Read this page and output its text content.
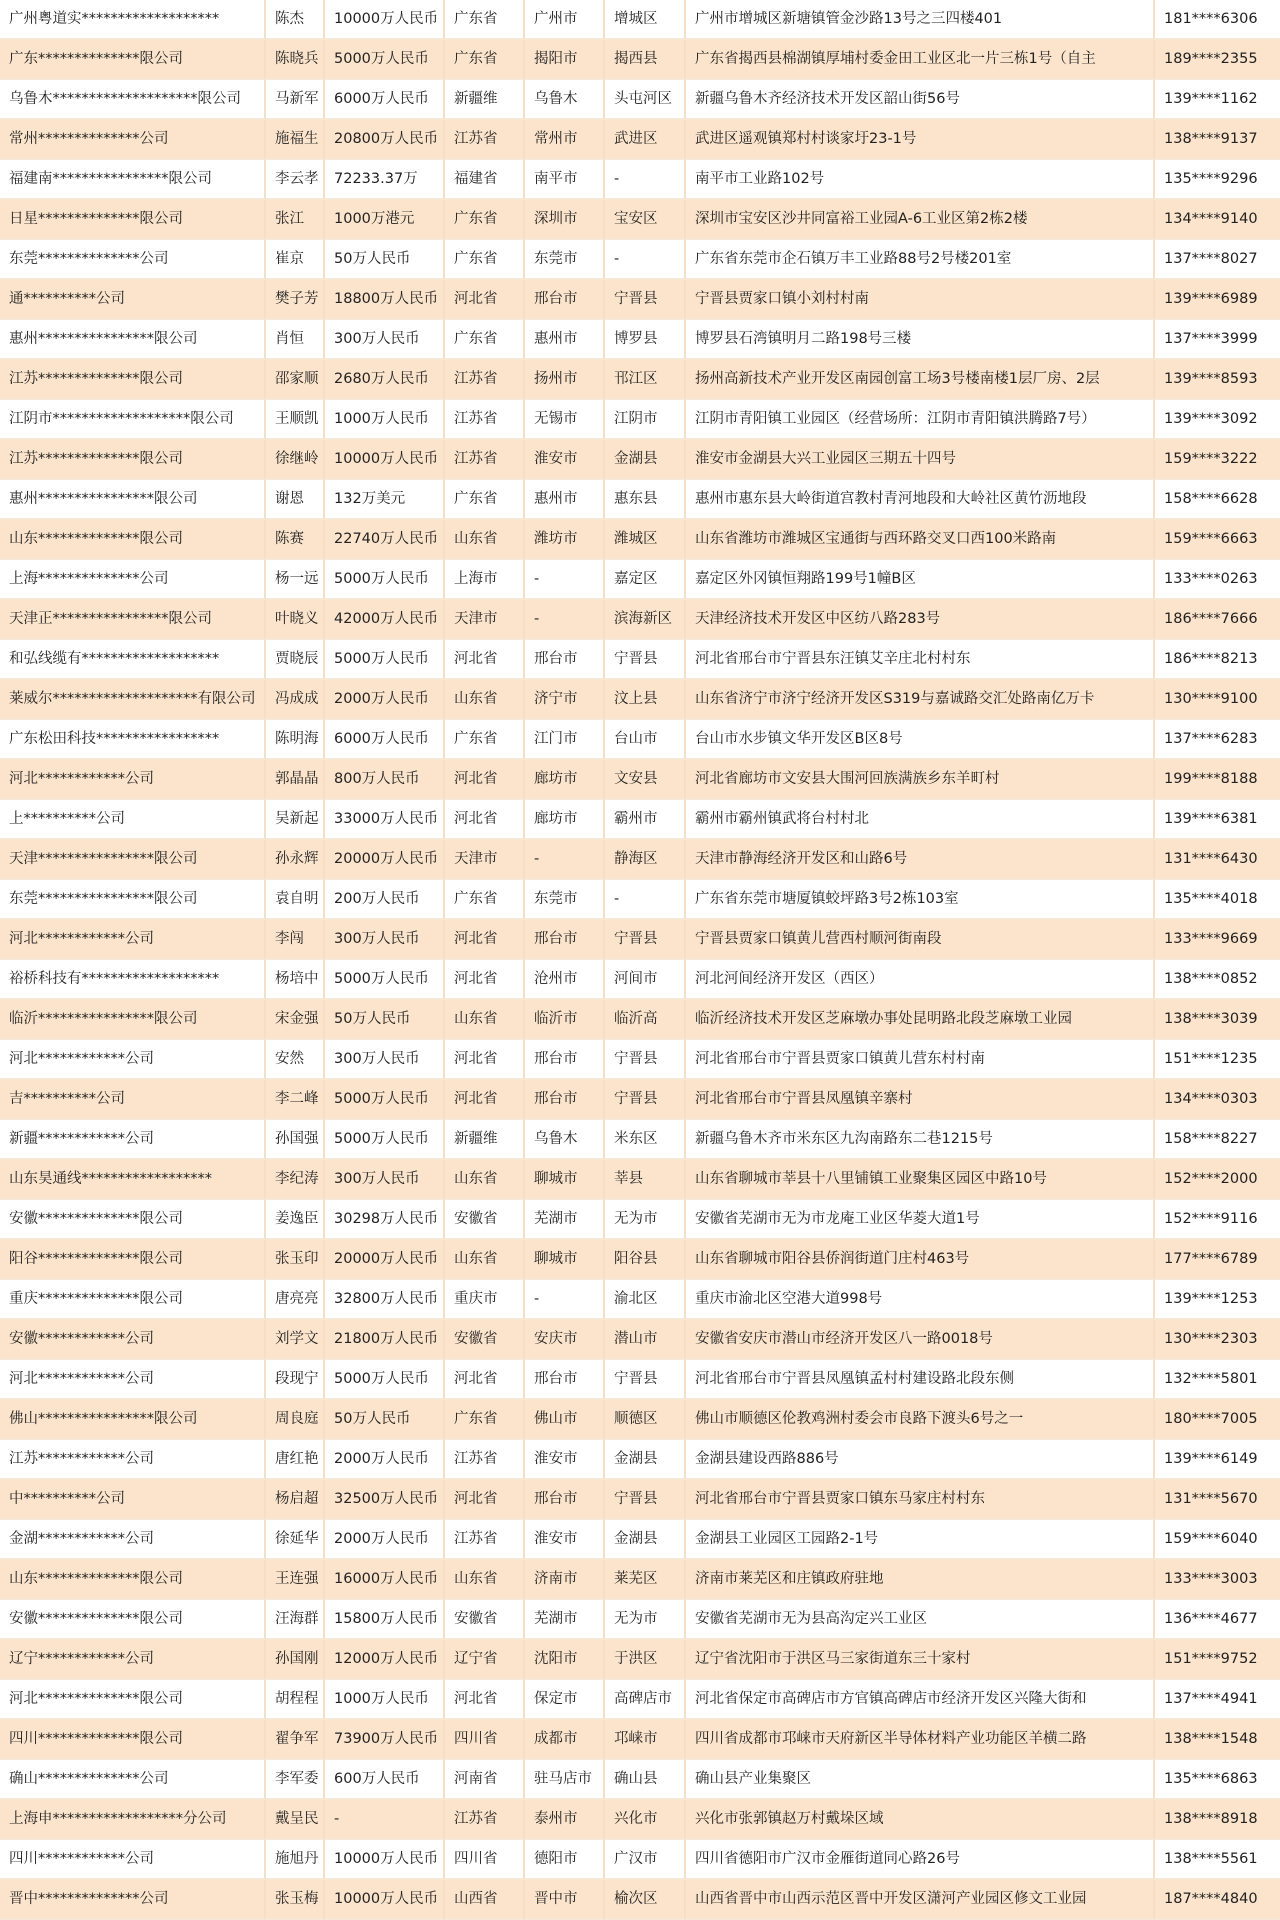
广州粤道实*******************	陈杰	10000万人民币	广东省	广州市	增城区	广州市增城区新塘镇管金沙路13号之三四楼401	181****6306
广东**************限公司	陈晓兵	5000万人民币	广东省	揭阳市	揭西县	广东省揭西县棉湖镇厚埔村委金田工业区北一片三栋1号（自主	189****2355
乌鲁木********************限公司	马新军	6000万人民币	新疆维	乌鲁木	头屯河区	新疆乌鲁木齐经济技术开发区韶山街56号	139****1162
常州**************公司	施福生	20800万人民币	江苏省	常州市	武进区	武进区遥观镇郑村村谈家圩23-1号	138****9137
福建南****************限公司	李云孝	72233.37万	福建省	南平市	-	南平市工业路102号	135****9296
日星**************限公司	张江	1000万港元	广东省	深圳市	宝安区	深圳市宝安区沙井同富裕工业园A-6工业区第2栋2楼	134****9140
东莞**************公司	崔京	50万人民币	广东省	东莞市	-	广东省东莞市企石镇万丰工业路88号2号楼201室	137****8027
通**********公司	樊子芳	18800万人民币	河北省	邢台市	宁晋县	宁晋县贾家口镇小刘村村南	139****6989
惠州****************限公司	肖恒	300万人民币	广东省	惠州市	博罗县	博罗县石湾镇明月二路198号三楼	137****3999
江苏**************限公司	邵家顺	2680万人民币	江苏省	扬州市	邗江区	扬州高新技术产业开发区南园创富工场3号楼南楼1层厂房、2层	139****8593
江阴市*******************限公司	王顺凯	1000万人民币	江苏省	无锡市	江阴市	江阴市青阳镇工业园区（经营场所：江阴市青阳镇洪腾路7号）	139****3092
江苏**************限公司	徐继岭	10000万人民币	江苏省	淮安市	金湖县	淮安市金湖县大兴工业园区三期五十四号	159****3222
惠州****************限公司	谢恩	132万美元	广东省	惠州市	惠东县	惠州市惠东县大岭街道宫教村青河地段和大岭社区黄竹沥地段	158****6628
山东**************限公司	陈赛	22740万人民币	山东省	潍坊市	潍城区	山东省潍坊市潍城区宝通街与西环路交叉口西100米路南	159****6663
上海**************公司	杨一远	5000万人民币	上海市	-	嘉定区	嘉定区外冈镇恒翔路199号1幢B区	133****0263
天津正****************限公司	叶晓义	42000万人民币	天津市	-	滨海新区	天津经济技术开发区中区纺八路283号	186****7666
和弘线缆有*******************	贾晓辰	5000万人民币	河北省	邢台市	宁晋县	河北省邢台市宁晋县东汪镇艾辛庄北村村东	186****8213
莱威尔********************有限公司	冯成成	2000万人民币	山东省	济宁市	汶上县	山东省济宁市济宁经济开发区S319与嘉诚路交汇处路南亿万卡	130****9100
广东松田科技*****************	陈明海	6000万人民币	广东省	江门市	台山市	台山市水步镇文华开发区B区8号	137****6283
河北************公司	郭晶晶	800万人民币	河北省	廊坊市	文安县	河北省廊坊市文安县大围河回族满族乡东羊町村	199****8188
上**********公司	吴新起	33000万人民币	河北省	廊坊市	霸州市	霸州市霸州镇武将台村村北	139****6381
天津****************限公司	孙永辉	20000万人民币	天津市	-	静海区	天津市静海经济开发区和山路6号	131****6430
东莞****************限公司	袁自明	200万人民币	广东省	东莞市	-	广东省东莞市塘厦镇蛟坪路3号2栋103室	135****4018
河北************公司	李闯	300万人民币	河北省	邢台市	宁晋县	宁晋县贾家口镇黄儿营西村顺河街南段	133****9669
裕桥科技有*******************	杨培中	5000万人民币	河北省	沧州市	河间市	河北河间经济开发区（西区）	138****0852
临沂****************限公司	宋金强	50万人民币	山东省	临沂市	临沂高	临沂经济技术开发区芝麻墩办事处昆明路北段芝麻墩工业园	138****3039
河北************公司	安然	300万人民币	河北省	邢台市	宁晋县	河北省邢台市宁晋县贾家口镇黄儿营东村村南	151****1235
吉**********公司	李二峰	5000万人民币	河北省	邢台市	宁晋县	河北省邢台市宁晋县凤凰镇辛寨村	134****0303
新疆************公司	孙国强	5000万人民币	新疆维	乌鲁木	米东区	新疆乌鲁木齐市米东区九沟南路东二巷1215号	158****8227
山东昊通线******************	李纪涛	300万人民币	山东省	聊城市	莘县	山东省聊城市莘县十八里铺镇工业聚集区园区中路10号	152****2000
安徽**************限公司	姜逸臣	30298万人民币	安徽省	芜湖市	无为市	安徽省芜湖市无为市龙庵工业区华菱大道1号	152****9116
阳谷**************限公司	张玉印	20000万人民币	山东省	聊城市	阳谷县	山东省聊城市阳谷县侨润街道门庄村463号	177****6789
重庆**************限公司	唐亮亮	32800万人民币	重庆市	-	渝北区	重庆市渝北区空港大道998号	139****1253
安徽************公司	刘学文	21800万人民币	安徽省	安庆市	潜山市	安徽省安庆市潜山市经济开发区八一路0018号	130****2303
河北************公司	段现宁	5000万人民币	河北省	邢台市	宁晋县	河北省邢台市宁晋县凤凰镇孟村村建设路北段东侧	132****5801
佛山****************限公司	周良庭	50万人民币	广东省	佛山市	顺德区	佛山市顺德区伦教鸡洲村委会市良路下渡头6号之一	180****7005
江苏************公司	唐红艳	2000万人民币	江苏省	淮安市	金湖县	金湖县建设西路886号	139****6149
中**********公司	杨启超	32500万人民币	河北省	邢台市	宁晋县	河北省邢台市宁晋县贾家口镇东马家庄村村东	131****5670
金湖************公司	徐延华	2000万人民币	江苏省	淮安市	金湖县	金湖县工业园区工园路2-1号	159****6040
山东**************限公司	王连强	16000万人民币	山东省	济南市	莱芜区	济南市莱芜区和庄镇政府驻地	133****3003
安徽**************限公司	汪海群	15800万人民币	安徽省	芜湖市	无为市	安徽省芜湖市无为县高沟定兴工业区	136****4677
辽宁************公司	孙国刚	12000万人民币	辽宁省	沈阳市	于洪区	辽宁省沈阳市于洪区马三家街道东三十家村	151****9752
河北**************限公司	胡程程	1000万人民币	河北省	保定市	高碑店市	河北省保定市高碑店市方官镇高碑店市经济开发区兴隆大街和	137****4941
四川**************限公司	翟争军	73900万人民币	四川省	成都市	邛崃市	四川省成都市邛崃市天府新区半导体材料产业功能区羊横二路	138****1548
确山**************公司	李军委	600万人民币	河南省	驻马店市	确山县	确山县产业集聚区	135****6863
上海申******************分公司	戴呈民	-	江苏省	泰州市	兴化市	兴化市张郭镇赵万村戴垛区域	138****8918
四川************公司	施旭丹	10000万人民币	四川省	德阳市	广汉市	四川省德阳市广汉市金雁街道同心路26号	138****5561
晋中**************公司	张玉梅	10000万人民币	山西省	晋中市	榆次区	山西省晋中市山西示范区晋中开发区潇河产业园区修文工业园	187****4840
